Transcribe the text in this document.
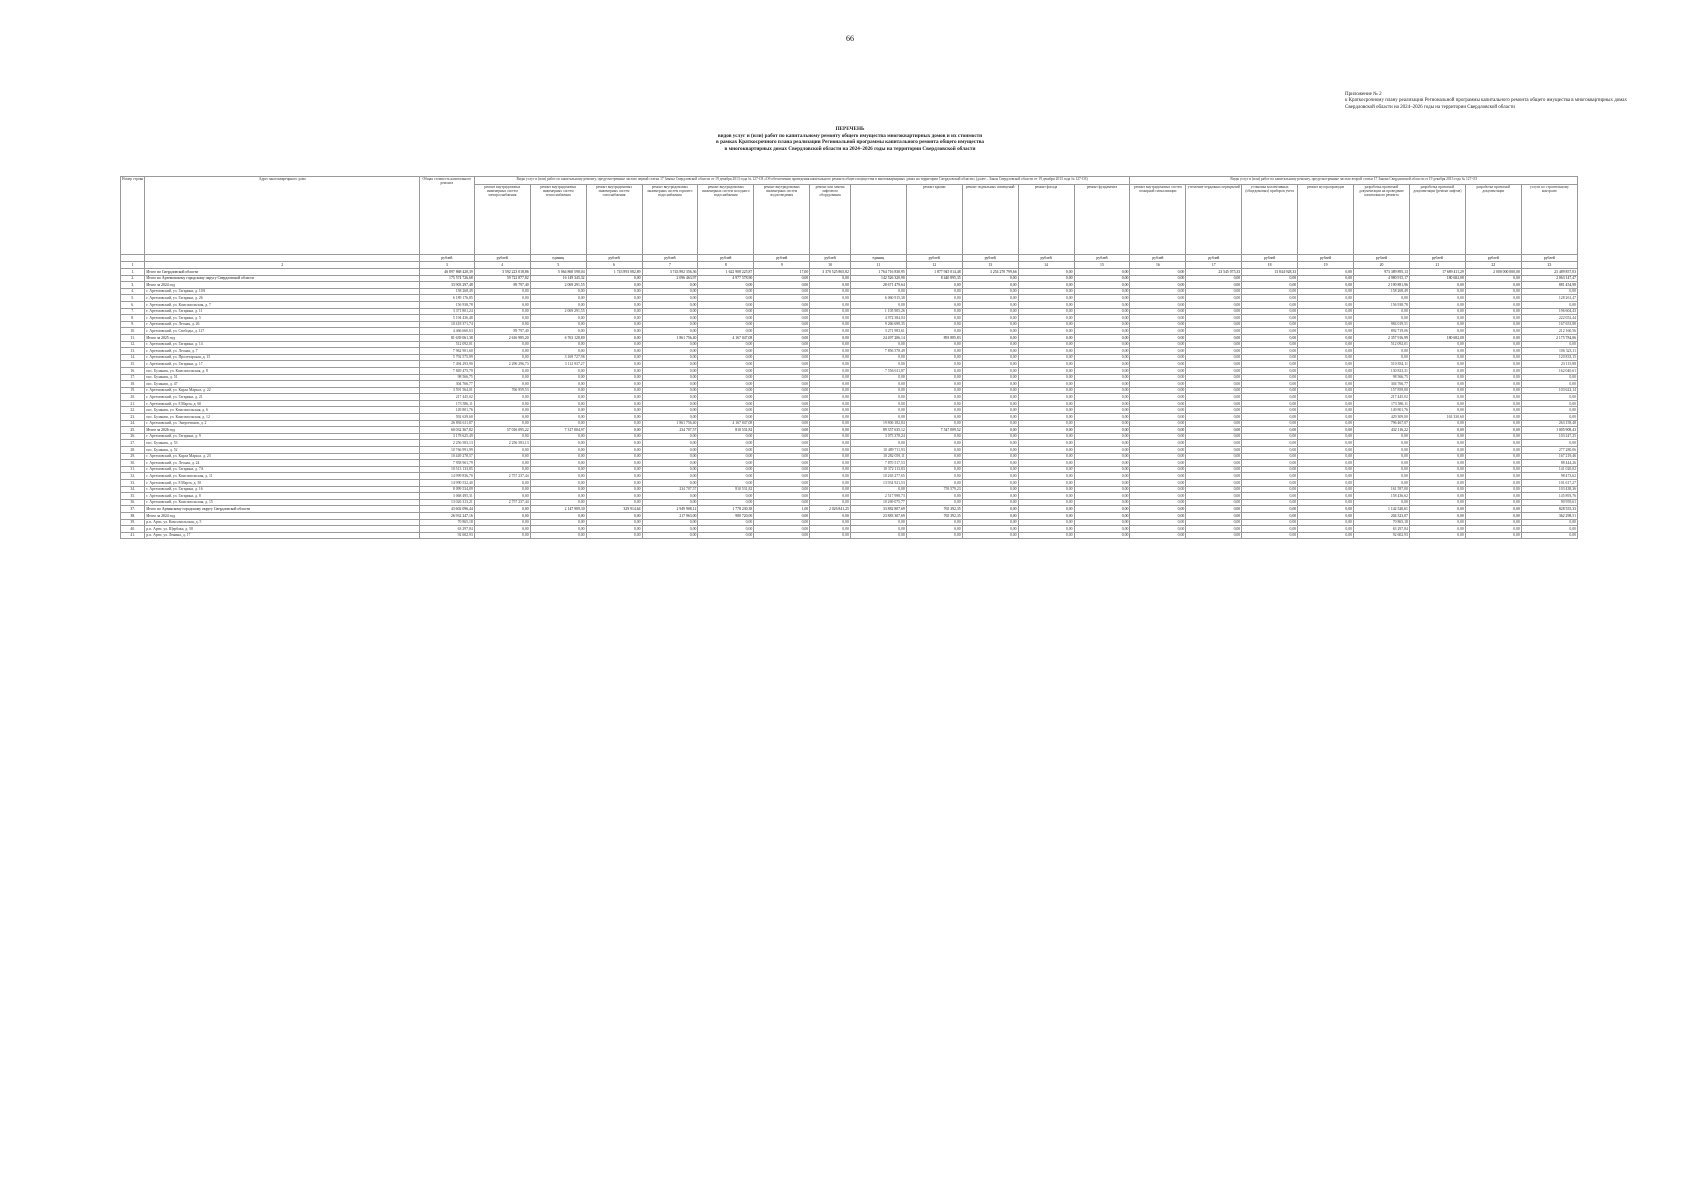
66
Приложение № 2
к Краткосрочному плану реализации Региональной программы капитального ремонта общего имущества в многоквартирных домах Свердловской области на 2024–2026 годы на территории Свердловской области
ПЕРЕЧЕНЬ
видов услуг и (или) работ по капитальному ремонту общего имущества многоквартирных домов и их стоимости
в рамках Краткосрочного плана реализации Региональной программы капитального ремонта общего имущества
в многоквартирных домах Свердловской области на 2024–2026 годы на территории Свердловской области
Номер строки	Адрес многоквартирного дома	Общая стоимость капитального ремонта	Виды услуг и (или) работ по капитальному ремонту, предусмотренные частью первой статьи 17 Закона Свердловской области от 19 декабря 2013 года № 127-ОЗ «Об обеспечении проведения капитального ремонта общего имущества в многоквартирных домах на территории Свердловской области» (далее – Закон Свердловской области от 19 декабря 2013 года № 127-ОЗ)												Виды услуг и (или) работ по капитальному ремонту, предусмотренные частью второй статьи 17 Закона Свердловской области от 19 декабря 2013 года № 127-ОЗ							
			ремонт внутридомовых инженерных систем электроснабжения	ремонт внутридомовых инженерных систем теплоснабжения	ремонт внутридомовых инженерных систем газоснабжения	ремонт внутридомовых инженерных систем горячего водоснабжения	ремонт внутридомовых инженерных систем холодного водоснабжения	ремонт внутридомовых инженерных систем водоотведения	ремонт или замена лифтового оборудования		ремонт крыши	ремонт подвальных помещений	ремонт фасада	ремонт фундамента	ремонт внутридомовых систем пожарной сигнализации	утепление чердачных перекрытий	установка коллективных (общедомовых) приборов учета	ремонт мусоропроводов	разработка проектной документации на проведение капитального ремонта	разработка проектной документации (ремонт лифтов)	разработка проектной документации	услуги по строительному контролю
		рублей	рублей	единиц	рублей	рублей	рублей	рублей	рублей	единиц	рублей	рублей	рублей	рублей	рублей	рублей	рублей	рублей	рублей	рублей	рублей	рублей
1	2	3	4	5	6	7	8	9	10	11	12	13	14	15	16	17	18	19	20	21	22	23
1.	Итого по Свердловской области	46 897 868 420,39	3 592 223 018,86	5 064 860 598,04	1 743 893 082,89	3 743 892 356,36	1 622 908 225,87	17,00	3 370 525 865,82	1 764 716 830,95	1 877 945 014,48	3 254 270 799,66	0,00	0,00	0,00	23 545 075,33	13 844 928,33	0,00	973 389 895,13	17 689 411,29	2 000 000 000,00	23 489 857,03
2.	Итого по Артемовскому городскому округу Свердловской области	175 574 726,68	59 722 877,82	16 149 345,32	0,00	2 096 463,97	4 977 578,90	0,00	0,00	142 526 320,90	8 440 895,35	0,00	0,00	0,00	0,00	0,00	0,00	0,00	4 980 915,17	180 682,08	0,00	2 063 147,47
3.	Итого за 2024 год	33 903 297,48	89 797,40	2 069 291,55	0,00	0,00	0,00	0,00	0,00	28 671 479,64	0,00	0,00	0,00	0,00	0,00	0,00	0,00	0,00	2 190 881,96	0,00	0,00	881 454,98
4.	г. Артемовский, ул. Гагарина, д. 10А	158 268,49	0,00	0,00	0,00	0,00	0,00	0,00	0,00	0,00	0,00	0,00	0,00	0,00	0,00	0,00	0,00	0,00	158 268,49	0,00	0,00	0,00
5.	г. Артемовский, ул. Гагарина, д. 26	6 189 176,85	0,00	0,00	0,00	0,00	0,00	0,00	0,00	6 060 915,38	0,00	0,00	0,00	0,00	0,00	0,00	0,00	0,00	0,00	0,00	0,00	128 261,47
6.	г. Артемовский, ул. Комсомольская, д. 7	156 938,78	0,00	0,00	0,00	0,00	0,00	0,00	0,00	0,00	0,00	0,00	0,00	0,00	0,00	0,00	0,00	0,00	156 938,78	0,00	0,00	0,00
7.	г. Артемовский, ул. Гагарина, д. 11	3 371 801,24	0,00	2 069 291,55	0,00	0,00	0,00	0,00	0,00	1 105 905,26	0,00	0,00	0,00	0,00	0,00	0,00	0,00	0,00	0,00	0,00	0,00	196 604,43
8.	г. Артемовский, ул. Гагарина, д. 5	5 194 436,48	0,00	0,00	0,00	0,00	0,00	0,00	0,00	4 972 384,04	0,00	0,00	0,00	0,00	0,00	0,00	0,00	0,00	0,00	0,00	0,00	222 052,44
9.	г. Артемовский, ул. Лесная, д. 26	10 418 371,74	0,00	0,00	0,00	0,00	0,00	0,00	0,00	9 266 698,35	0,00	0,00	0,00	0,00	0,00	0,00	0,00	0,00	984 019,51	0,00	0,00	167 653,88
10.	г. Артемовский, ул. Свободы, д. 127	4 466 660,63	89 797,40	0,00	0,00	0,00	0,00	0,00	0,00	3 271 983,61	0,00	0,00	0,00	0,00	0,00	0,00	0,00	0,00	892 719,06	0,00	0,00	212 160,56
11.	Итого за 2025 год	81 639 061,38	2 616 985,20	6 763 128,80	0,00	1 861 756,40	4 167 047,08	0,00	0,00	24 497 206,14	893 885,83	0,00	0,00	0,00	0,00	0,00	0,00	0,00	2 357 916,99	180 682,08	0,00	2 175 784,06
12.	г. Артемовский, ул. Гагарина, д. 14	512 092,01	0,00	0,00	0,00	0,00	0,00	0,00	0,00	0,00	0,00	0,00	0,00	0,00	0,00	0,00	0,00	0,00	512 092,01	0,00	0,00	0,00
13.	г. Артемовский, ул. Лесная, д. 7	7 962 901,60	0,00	0,00	0,00	0,00	0,00	0,00	0,00	7 856 578,49	0,00	0,00	0,00	0,00	0,00	0,00	0,00	0,00	0,00	0,00	0,00	106 323,11
14.	г. Артемовский, ул. Пролетарская, д. 15	5 792 575,99	0,00	3 169 727,96	0,00	0,00	0,00	0,00	0,00	0,00	0,00	0,00	0,00	0,00	0,00	0,00	0,00	0,00	0,00	0,00	0,00	120 833,15
15.	г. Артемовский, ул. Гагарина, д. 17	7 494 293,90	2 296 296,73	3 112 937,27	0,00	0,00	0,00	0,00	0,00	0,00	0,00	0,00	0,00	0,00	0,00	0,00	0,00	0,00	510 834,11	0,00	0,00	23 115,88
16.	пос. Буланаш, ул. Комсомольская, д. 8	7 849 475,79	0,00	0,00	0,00	0,00	0,00	0,00	0,00	7 556 611,87	0,00	0,00	0,00	0,00	0,00	0,00	0,00	0,00	130 823,31	0,00	0,00	162 040,61
17.	пос. Буланаш, д. 51	98 566,75	0,00	0,00	0,00	0,00	0,00	0,00	0,00	0,00	0,00	0,00	0,00	0,00	0,00	0,00	0,00	0,00	98 566,75	0,00	0,00	0,00
18.	пос. Буланаш, д. 47	304 766,77	0,00	0,00	0,00	0,00	0,00	0,00	0,00	0,00	0,00	0,00	0,00	0,00	0,00	0,00	0,00	0,00	304 766,77	0,00	0,00	0,00
19.	г. Артемовский, ул. Карла Маркса, д. 22	3 591 564,01	766 959,53	0,00	0,00	0,00	0,00	0,00	0,00	0,00	0,00	0,00	0,00	0,00	0,00	0,00	0,00	0,00	157 859,00	0,00	0,00	103 622,14
20.	г. Артемовский, ул. Гагарина, д. 21	217 445,02	0,00	0,00	0,00	0,00	0,00	0,00	0,00	0,00	0,00	0,00	0,00	0,00	0,00	0,00	0,00	0,00	217 445,02	0,00	0,00	0,00
21.	г. Артемовский, ул. 8 Марта, д. 60	173 586,11	0,00	0,00	0,00	0,00	0,00	0,00	0,00	0,00	0,00	0,00	0,00	0,00	0,00	0,00	0,00	0,00	173 586,11	0,00	0,00	0,00
22.	пос. Буланаш, ул. Комсомольская, д. 6	149 801,76	0,00	0,00	0,00	0,00	0,00	0,00	0,00	0,00	0,00	0,00	0,00	0,00	0,00	0,00	0,00	0,00	149 801,76	0,00	0,00	0,00
23.	пос. Буланаш, ул. Комсомольская, д. 12	592 639,60	0,00	0,00	0,00	0,00	0,00	0,00	0,00	0,00	0,00	0,00	0,00	0,00	0,00	0,00	0,00	0,00	429 309,00	163 330,60	0,00	0,00
24.	г. Артемовский, ул. Энергетиков, д. 2	26 894 611,87	0,00	0,00	0,00	1 861 756,40	4 167 047,08	0,00	0,00	19 806 182,84	0,00	0,00	0,00	0,00	0,00	0,00	0,00	0,00	796 467,07	0,00	0,00	263 158,48
25.	Итого за 2026 год	60 032 367,82	57 016 095,22	7 317 004,97	0,00	234 707,57	810 531,82	0,00	0,00	89 357 635,12	7 547 009,52	0,00	0,00	0,00	0,00	0,00	0,00	0,00	432 116,22	0,00	0,00	1 005 908,43
26.	г. Артемовский, ул. Гагарина, д. 9	3 178 625,49	0,00	0,00	0,00	0,00	0,00	0,00	0,00	3 075 378,24	0,00	0,00	0,00	0,00	0,00	0,00	0,00	0,00	0,00	0,00	0,00	103 247,25
27.	пос. Буланаш, д. 53	2 256 583,13	2 256 583,13	0,00	0,00	0,00	0,00	0,00	0,00	0,00	0,00	0,00	0,00	0,00	0,00	0,00	0,00	0,00	0,00	0,00	0,00	0,00
28.	пос. Буланаш, д. 52	10 766 991,99	0,00	0,00	0,00	0,00	0,00	0,00	0,00	10 489 711,93	0,00	0,00	0,00	0,00	0,00	0,00	0,00	0,00	0,00	0,00	0,00	277 280,06
29.	г. Артемовский, ул. Карла Маркса, д. 23	10 449 278,57	0,00	0,00	0,00	0,00	0,00	0,00	0,00	10 282 059,11	0,00	0,00	0,00	0,00	0,00	0,00	0,00	0,00	0,00	0,00	0,00	167 219,46
30.	г. Артемовский, ул. Лесная, д. 24	7 958 961,79	0,00	0,00	0,00	0,00	0,00	0,00	0,00	7 870 517,53	0,00	0,00	0,00	0,00	0,00	0,00	0,00	0,00	0,00	0,00	0,00	88 444,26
31.	г. Артемовский, ул. Гагарина, д. 7А	10 513 133,85	0,00	0,00	0,00	0,00	0,00	0,00	0,00	10 372 113,83	0,00	0,00	0,00	0,00	0,00	0,00	0,00	0,00	0,00	0,00	0,00	141 020,02
32.	г. Артемовский, ул. Комсомольская, д. 11	14 999 836,70	2 757 237,44	0,00	0,00	0,00	0,00	0,00	0,00	10 265 277,65	0,00	0,00	0,00	0,00	0,00	0,00	0,00	0,00	0,00	0,00	0,00	98 473,62
33.	г. Артемовский, ул. 8 Марта, д. 50	14 990 532,40	0,00	0,00	0,00	0,00	0,00	0,00	0,00	13 934 921,53	0,00	0,00	0,00	0,00	0,00	0,00	0,00	0,00	0,00	0,00	0,00	101 617,27
34.	г. Артемовский, ул. Гагарина, д. 16	8 099 534,09	0,00	0,00	0,00	234 707,57	810 531,82	0,00	0,00	0,00	759 579,23	0,00	0,00	0,00	0,00	0,00	0,00	0,00	161 597,00	0,00	0,00	103 438,36
35.	г. Артемовский, ул. Гагарина, д. 8	3 068 495,31	0,00	0,00	0,00	0,00	0,00	0,00	0,00	2 517 998,73	0,00	0,00	0,00	0,00	0,00	0,00	0,00	0,00	158 436,62	0,00	0,00	145 893,76
36.	г. Артемовский, ул. Комсомольская, д. 15	13 026 313,21	2 757 237,44	0,00	0,00	0,00	0,00	0,00	0,00	10 269 075,77	0,00	0,00	0,00	0,00	0,00	0,00	0,00	0,00	0,00	0,00	0,00	90 959,61
37.	Итого по Артинскому городскому округу Свердловской области	43 602 096,44	0,00	2 147 909,30	329 914,64	2 949 908,12	1 778 230,38	1,00	2 026 841,25	33 882 807,69	765 392,35	0,00	0,00	0,00	0,00	0,00	0,00	0,00	1 142 520,61	0,00	0,00	828 555,33
38.	Итого за 2024 год	26 932 247,16	0,00	0,00	0,00	217 963,00	980 720,00	0,00	0,00	23 883 307,69	765 392,35	0,00	0,00	0,00	0,00	0,00	0,00	0,00	204 323,07	0,00	0,00	362 298,51
39.	р.п. Арти, ул. Комсомольская, д. 5	70 865,18	0,00	0,00	0,00	0,00	0,00	0,00	0,00	0,00	0,00	0,00	0,00	0,00	0,00	0,00	0,00	0,00	70 865,18	0,00	0,00	0,00
40.	р.п. Арти, ул. Щербака, д. 58	63 297,84	0,00	0,00	0,00	0,00	0,00	0,00	0,00	0,00	0,00	0,00	0,00	0,00	0,00	0,00	0,00	0,00	63 297,84	0,00	0,00	0,00
41.	р.п. Арти, ул. Ленина, д. 17	92 602,93	0,00	0,00	0,00	0,00	0,00	0,00	0,00	0,00	0,00	0,00	0,00	0,00	0,00	0,00	0,00	0,00	92 602,93	0,00	0,00	0,00
